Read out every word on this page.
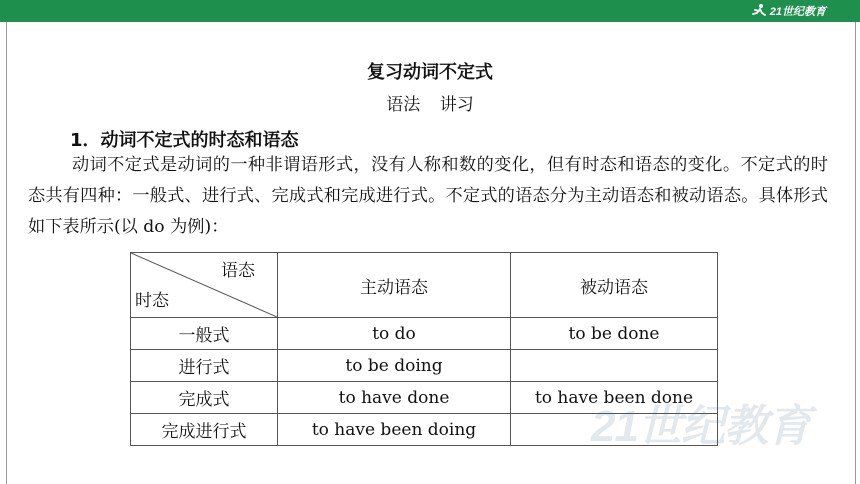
21世纪教育
复习动词不定式
语法 讲习
1．动词不定式的时态和语态

动词不定式是动词的一种非谓语形式，没有人称和数的变化，但有时态和语态的变化。不定式的时态共有四种：一般式、进行式、完成式和完成进行式。不定式的语态分为主动语态和被动语态。具体形式如下表所示(以 do 为例)：

语态
时态	主动语态	被动语态
一般式	to do	to be done
进行式	to be doing	
完成式	to have done	to have been done
完成进行式	to have been doing		21世纪教育
